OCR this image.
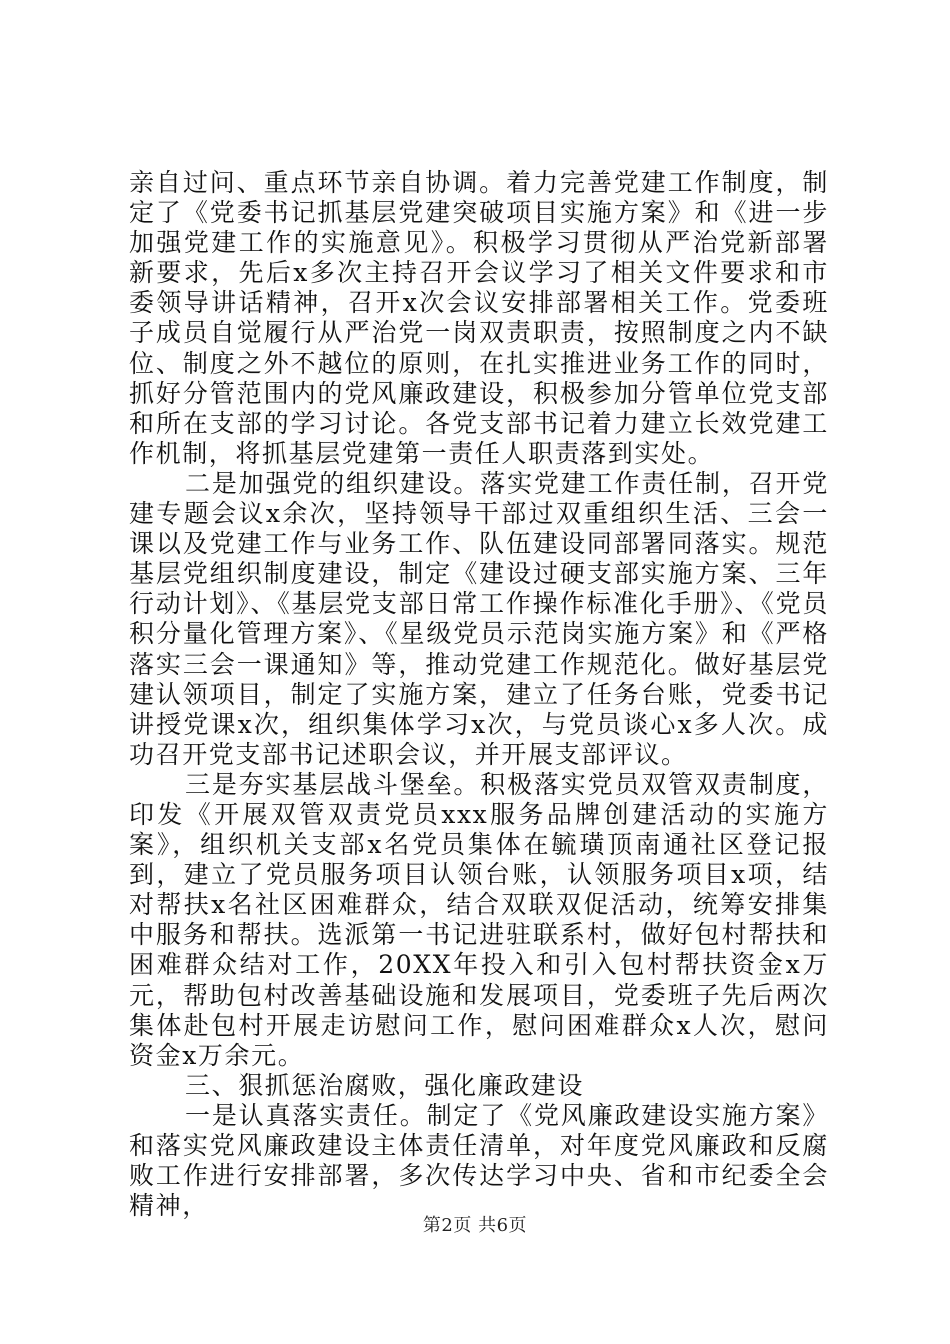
亲自过问、重点环节亲自协调。着力完善党建工作制度，制定了《党委书记抓基层党建突破项目实施方案》和《进一步加强党建工作的实施意见》。积极学习贯彻从严治党新部署新要求，先后x多次主持召开会议学习了相关文件要求和市委领导讲话精神，召开x次会议安排部署相关工作。党委班子成员自觉履行从严治党一岗双责职责，按照制度之内不缺位、制度之外不越位的原则，在扎实推进业务工作的同时，抓好分管范围内的党风廉政建设，积极参加分管单位党支部和所在支部的学习讨论。各党支部书记着力建立长效党建工作机制，将抓基层党建第一责任人职责落到实处。

二是加强党的组织建设。落实党建工作责任制，召开党建专题会议x余次，坚持领导干部过双重组织生活、三会一课以及党建工作与业务工作、队伍建设同部署同落实。规范基层党组织制度建设，制定《建设过硬支部实施方案、三年行动计划》、《基层党支部日常工作操作标准化手册》、《党员积分量化管理方案》、《星级党员示范岗实施方案》和《严格落实三会一课通知》等，推动党建工作规范化。做好基层党建认领项目，制定了实施方案，建立了任务台账，党委书记讲授党课x次，组织集体学习x次，与党员谈心x多人次。成功召开党支部书记述职会议，并开展支部评议。

三是夯实基层战斗堡垒。积极落实党员双管双责制度，印发《开展双管双责党员xxx服务品牌创建活动的实施方案》，组织机关支部x名党员集体在毓璜顶南通社区登记报到，建立了党员服务项目认领台账，认领服务项目x项，结对帮扶x名社区困难群众，结合双联双促活动，统筹安排集中服务和帮扶。选派第一书记进驻联系村，做好包村帮扶和困难群众结对工作，20XX年投入和引入包村帮扶资金x万元，帮助包村改善基础设施和发展项目，党委班子先后两次集体赴包村开展走访慰问工作，慰问困难群众x人次，慰问资金x万余元。

三、狠抓惩治腐败，强化廉政建设

一是认真落实责任。制定了《党风廉政建设实施方案》和落实党风廉政建设主体责任清单，对年度党风廉政和反腐败工作进行安排部署，多次传达学习中央、省和市纪委全会精神，

第2页 共6页
